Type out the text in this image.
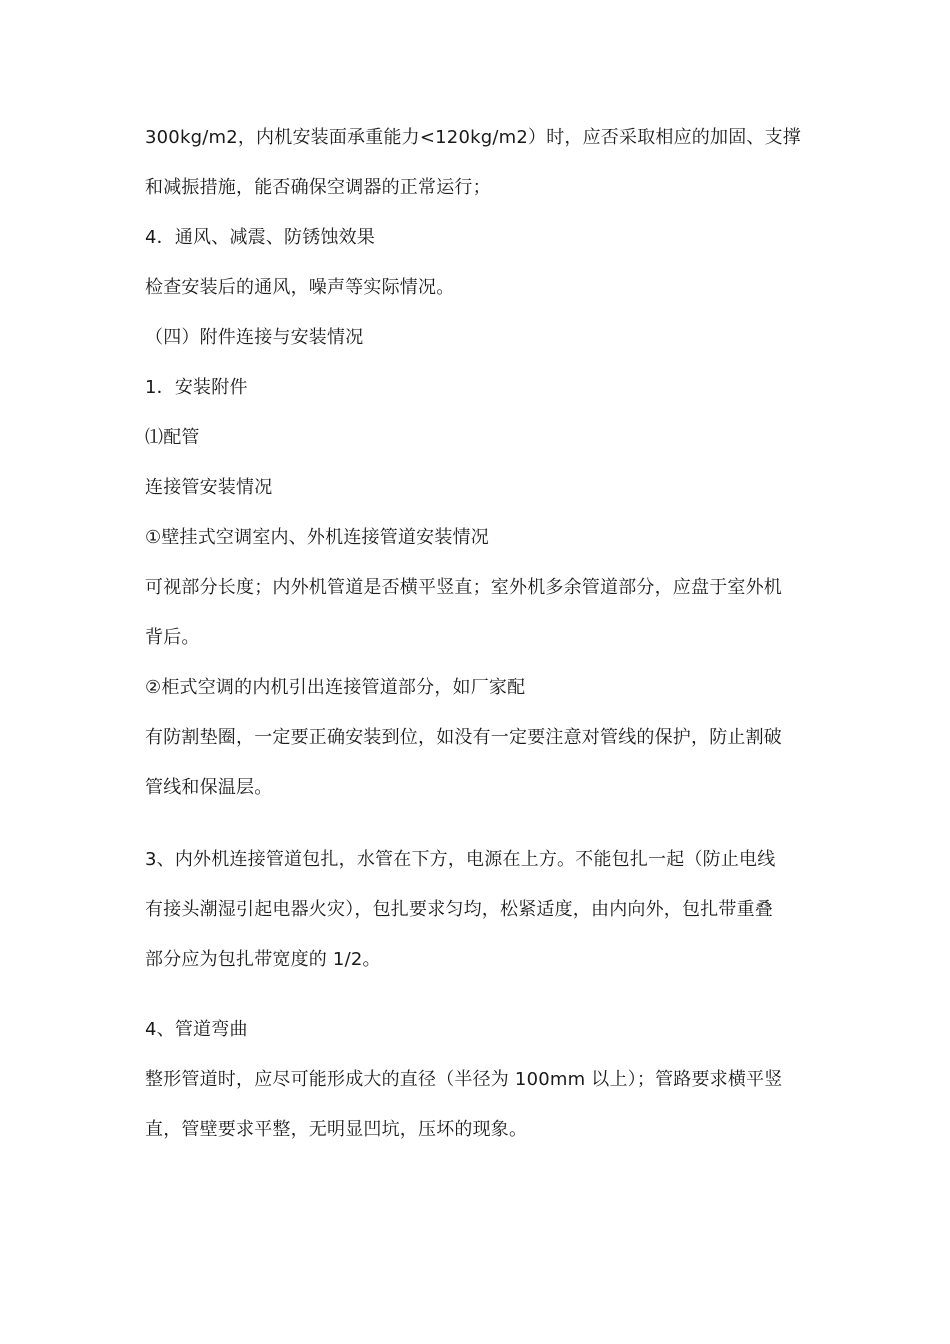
300kg/m2，内机安装面承重能力<120kg/m2）时，应否采取相应的加固、支撑
和减振措施，能否确保空调器的正常运行；
4．通风、减震、防锈蚀效果
检查安装后的通风，噪声等实际情况。
（四）附件连接与安装情况
1．安装附件
⑴配管
连接管安装情况
①壁挂式空调室内、外机连接管道安装情况
可视部分长度；内外机管道是否横平竖直；室外机多余管道部分，应盘于室外机
背后。
②柜式空调的内机引出连接管道部分，如厂家配
有防割垫圈，一定要正确安装到位，如没有一定要注意对管线的保护，防止割破
管线和保温层。
3、内外机连接管道包扎，水管在下方，电源在上方。不能包扎一起（防止电线
有接头潮湿引起电器火灾），包扎要求匀均，松紧适度，由内向外，包扎带重叠
部分应为包扎带宽度的 1/2。
4、管道弯曲
整形管道时，应尽可能形成大的直径（半径为 100mm 以上）；管路要求横平竖
直，管壁要求平整，无明显凹坑，压坏的现象。
